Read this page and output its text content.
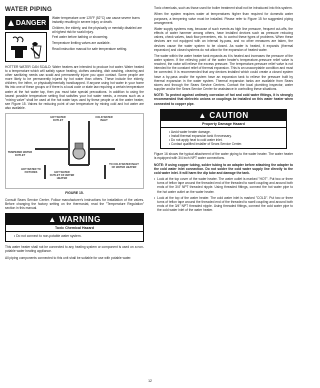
WATER PIPING
DANGER

Water temperature over 125°F (52°C) can cause severe burns instantly resulting in severe injury or death.

Children, the elderly, and the physically or mentally disabled are at highest risk for scald injury.

Feel water before bathing or showering.

Temperature limiting valves are available.

Read instruction manual for safe temperature setting.

HOTTER WATER CAN SCALD: Water heaters are intended to produce hot water. Water heated to a temperature which will satisfy space heating, clothes washing, dish washing, cleaning and other sanitizing needs can scald and permanently injure you upon contact. Some people are more likely to be permanently injured by hot water than others. These include the elderly, children, the infirm, or physically/mentally handicapped. If anyone using hot water in your home fits into one of these groups or if there is a local code or state law requiring a certain temperature water at the hot water tap, then you must take special precautions. In addition to using the lowest possible temperature setting that satisfies your hot water needs, a means such as a "mixing valve" shall be used at the hot water taps used by these people or at the water heater, see Figure 15. Valves for reducing point of use temperature by mixing cold and hot water are also available.

HOT WATER OUTLET
COLD WATER INLET
TEMPERED WATER OUTLET
HOT WATER OUTLET OF WATER HEATER
HOT WATER TO FIXTURES
TO COLD WATER INLET OF WATER HEATER
FIGURE 15.

Consult Sears Service Center. Follow manufacturer's instructions for installation of the valves. Before changing the factory setting on the thermostat, read the "Temperature Regulation" section in this manual.

▲ WARNING
Toxic Chemical Hazard
• Do not connect to non-potable water system.

This water heater shall not be connected to any heating system or component is used on a non-potable water heating appliance.

All piping components connected to this unit shall be suitable for use with potable water.

Toxic chemicals, such as those used for boiler treatment shall not be introduced into this system.

When the system requires water at temperatures higher than required for domestic water purposes, a tempering valve must be installed. Please refer to Figure 15 for suggested piping arrangement.

Water supply systems may, because of such events as high line pressure, frequent cut-offs, the effects of water hammer among others, have installed devices such as pressure reducing valves, check valves, back flow preventers, etc. to control these types of problems. When these devices are not equipped with an internal by-pass, and no other measures are taken, the devices cause the water system to be closed. As water is heated, it expands (thermal expansion) and closed systems do not allow for the expansion of heated water.

The water within the water heater tank expands as it is heated and increases the pressure of the water system. If the relieving point of the water heater's temperature-pressure relief valve is reached, the valve will relieve the excess pressure. The temperature-pressure relief valve is not intended for the constant relief of thermal expansion. This is an unacceptable condition and must be corrected. It is recommended that any devices installed which could create a closed system have a by-pass and/or the system have an expansion tank to relieve the pressure built by thermal expansion in the water system. Thermal expansion tanks are available from Sears stores and through the Sears Service Centers. Contact the local plumbing inspector, water supplier and/or the Sears Service Center for assistance in controlling these situations.

NOTE: To protect against untimely corrosion of hot and cold water fittings, it is strongly recommended that dielectric unions or couplings be installed on this water heater when connected to copper pipe.

▲ CAUTION
Property Damage Hazard
• Avoid water heater damage.
• Install thermal expansion tank if necessary.
• Do not apply heat to cold water inlet.
• Contact qualified installer of Sears Service Center.

Figure 16 shows the typical attachment of the water piping to the water heater. The water heater is equipped with 3/4 inch NPT water connections.

NOTE: If using copper tubing, solder tubing to an adapter before attaching the adapter to the cold water inlet connection. Do not solder the cold water supply line directly to the cold water inlet. It will harm the dip tube and damage the tank.

• Look at the top cover of the water heater. The water outlet is marked "HOT". Put two or three turns of teflon tape around the threaded end of the threaded to swell coupling and around both ends of the 3/4" NPT threaded nipple. Using threaded fittings, connect the hot water pipe to the hot water outlet on the water heater.

• Look at the top of the water heater. The cold water inlet is marked "COLD". Put two or three turns of teflon tape around the threaded end of the threaded to swell coupling and around both ends of the 3/4" NPT threaded nipple. Using threaded fittings, connect the cold water pipe to the cold water inlet of the water heater.

12
